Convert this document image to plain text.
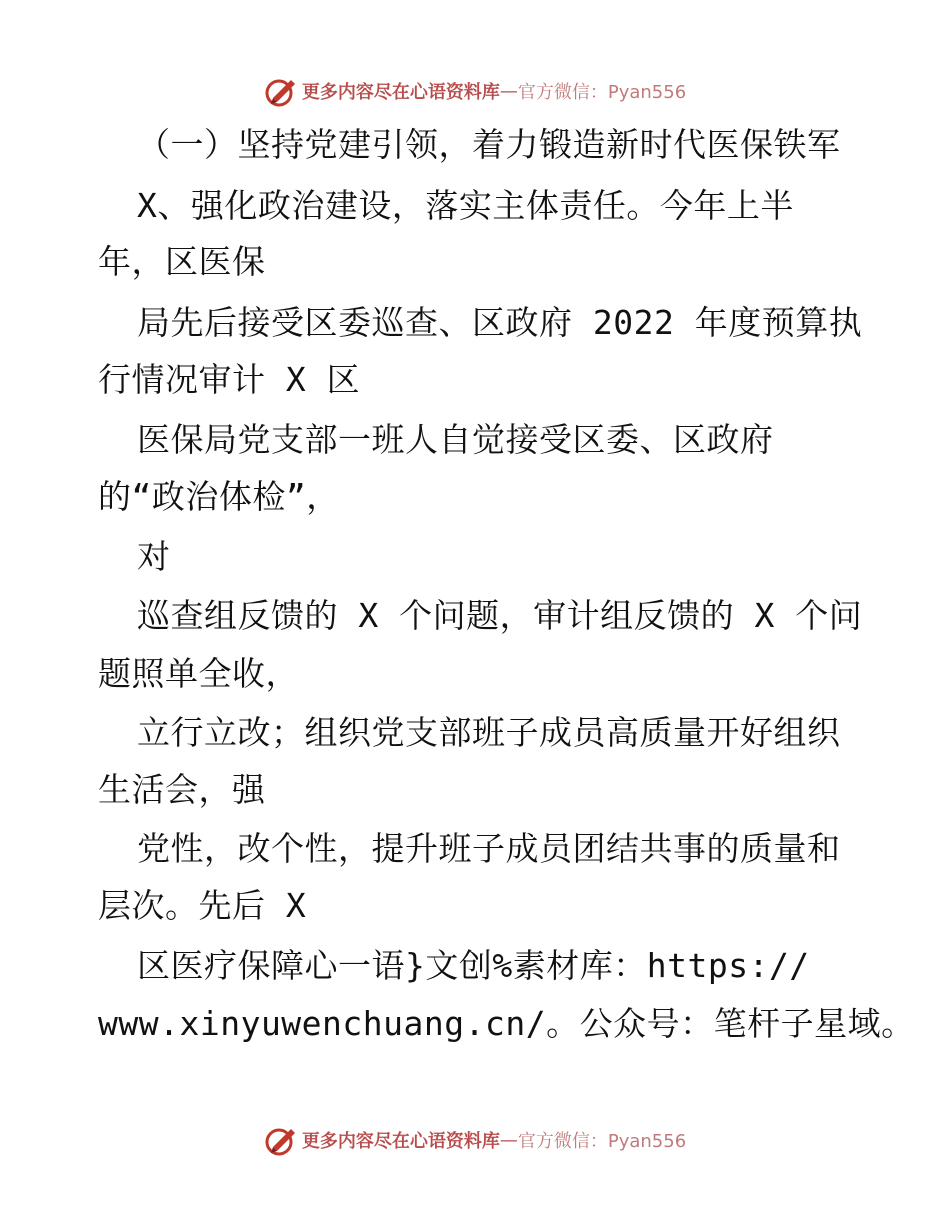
更多内容尽在心语资料库 — 官方微信：Pyan556
（一）坚持党建引领，着力锻造新时代医保铁军
X、强化政治建设，落实主体责任。今年上半
年，区医保
局先后接受区委巡查、区政府 2022 年度预算执
行情况审计 X 区
医保局党支部一班人自觉接受区委、区政府
的“政治体检”，
对
巡查组反馈的 X 个问题，审计组反馈的 X 个问
题照单全收，
立行立改；组织党支部班子成员高质量开好组织
生活会，强
党性，改个性，提升班子成员团结共事的质量和
层次。先后 X
区医疗保障心一语}文创%素材库：https://
www.xinyuwenchuang.cn/。公众号：笔杆子星域。
更多内容尽在心语资料库 — 官方微信：Pyan556
